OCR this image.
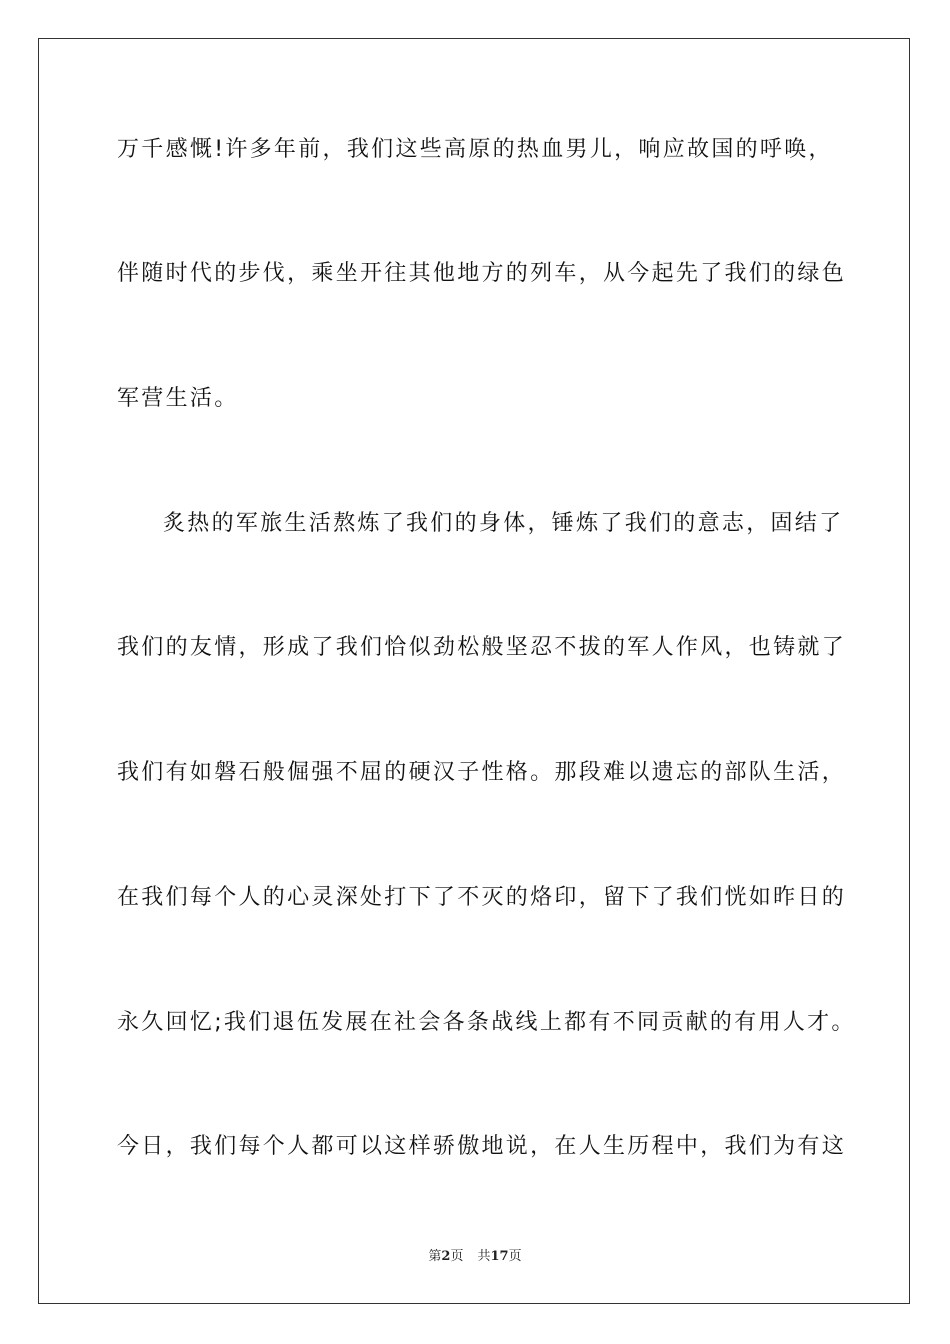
万千感慨!许多年前，我们这些高原的热血男儿，响应故国的呼唤，
伴随时代的步伐，乘坐开往其他地方的列车，从今起先了我们的绿色
军营生活。
炙热的军旅生活熬炼了我们的身体，锤炼了我们的意志，固结了
我们的友情，形成了我们恰似劲松般坚忍不拔的军人作风，也铸就了
我们有如磐石般倔强不屈的硬汉子性格。那段难以遗忘的部队生活，
在我们每个人的心灵深处打下了不灭的烙印，留下了我们恍如昨日的
永久回忆;我们退伍发展在社会各条战线上都有不同贡献的有用人才。
今日，我们每个人都可以这样骄傲地说，在人生历程中，我们为有这
第2页 共17页
